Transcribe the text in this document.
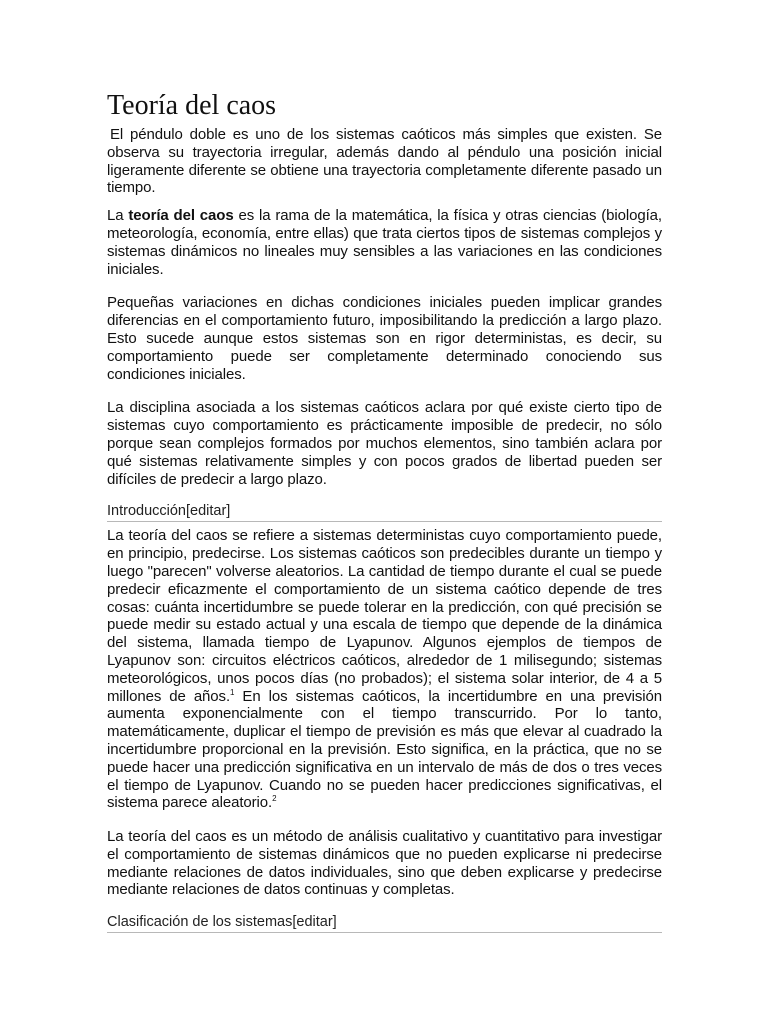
Teoría del caos

El péndulo doble es uno de los sistemas caóticos más simples que existen. Se observa su trayectoria irregular, además dando al péndulo una posición inicial ligeramente diferente se obtiene una trayectoria completamente diferente pasado un tiempo.

La teoría del caos es la rama de la matemática, la física y otras ciencias (biología, meteorología, economía, entre ellas) que trata ciertos tipos de sistemas complejos y sistemas dinámicos no lineales muy sensibles a las variaciones en las condiciones iniciales.

Pequeñas variaciones en dichas condiciones iniciales pueden implicar grandes diferencias en el comportamiento futuro, imposibilitando la predicción a largo plazo. Esto sucede aunque estos sistemas son en rigor deterministas, es decir, su comportamiento puede ser completamente determinado conociendo sus condiciones iniciales.

La disciplina asociada a los sistemas caóticos aclara por qué existe cierto tipo de sistemas cuyo comportamiento es prácticamente imposible de predecir, no sólo porque sean complejos formados por muchos elementos, sino también aclara por qué sistemas relativamente simples y con pocos grados de libertad pueden ser difíciles de predecir a largo plazo.

Introducción[editar]

La teoría del caos se refiere a sistemas deterministas cuyo comportamiento puede, en principio, predecirse. Los sistemas caóticos son predecibles durante un tiempo y luego "parecen" volverse aleatorios. La cantidad de tiempo durante el cual se puede predecir eficazmente el comportamiento de un sistema caótico depende de tres cosas: cuánta incertidumbre se puede tolerar en la predicción, con qué precisión se puede medir su estado actual y una escala de tiempo que depende de la dinámica del sistema, llamada tiempo de Lyapunov. Algunos ejemplos de tiempos de Lyapunov son: circuitos eléctricos caóticos, alrededor de 1 milisegundo; sistemas meteorológicos, unos pocos días (no probados); el sistema solar interior, de 4 a 5 millones de años.$^1$ En los sistemas caóticos, la incertidumbre en una previsión aumenta exponencialmente con el tiempo transcurrido. Por lo tanto, matemáticamente, duplicar el tiempo de previsión es más que elevar al cuadrado la incertidumbre proporcional en la previsión. Esto significa, en la práctica, que no se puede hacer una predicción significativa en un intervalo de más de dos o tres veces el tiempo de Lyapunov. Cuando no se pueden hacer predicciones significativas, el sistema parece aleatorio.$^2$

La teoría del caos es un método de análisis cualitativo y cuantitativo para investigar el comportamiento de sistemas dinámicos que no pueden explicarse ni predecirse mediante relaciones de datos individuales, sino que deben explicarse y predecirse mediante relaciones de datos continuas y completas.

Clasificación de los sistemas[editar]
